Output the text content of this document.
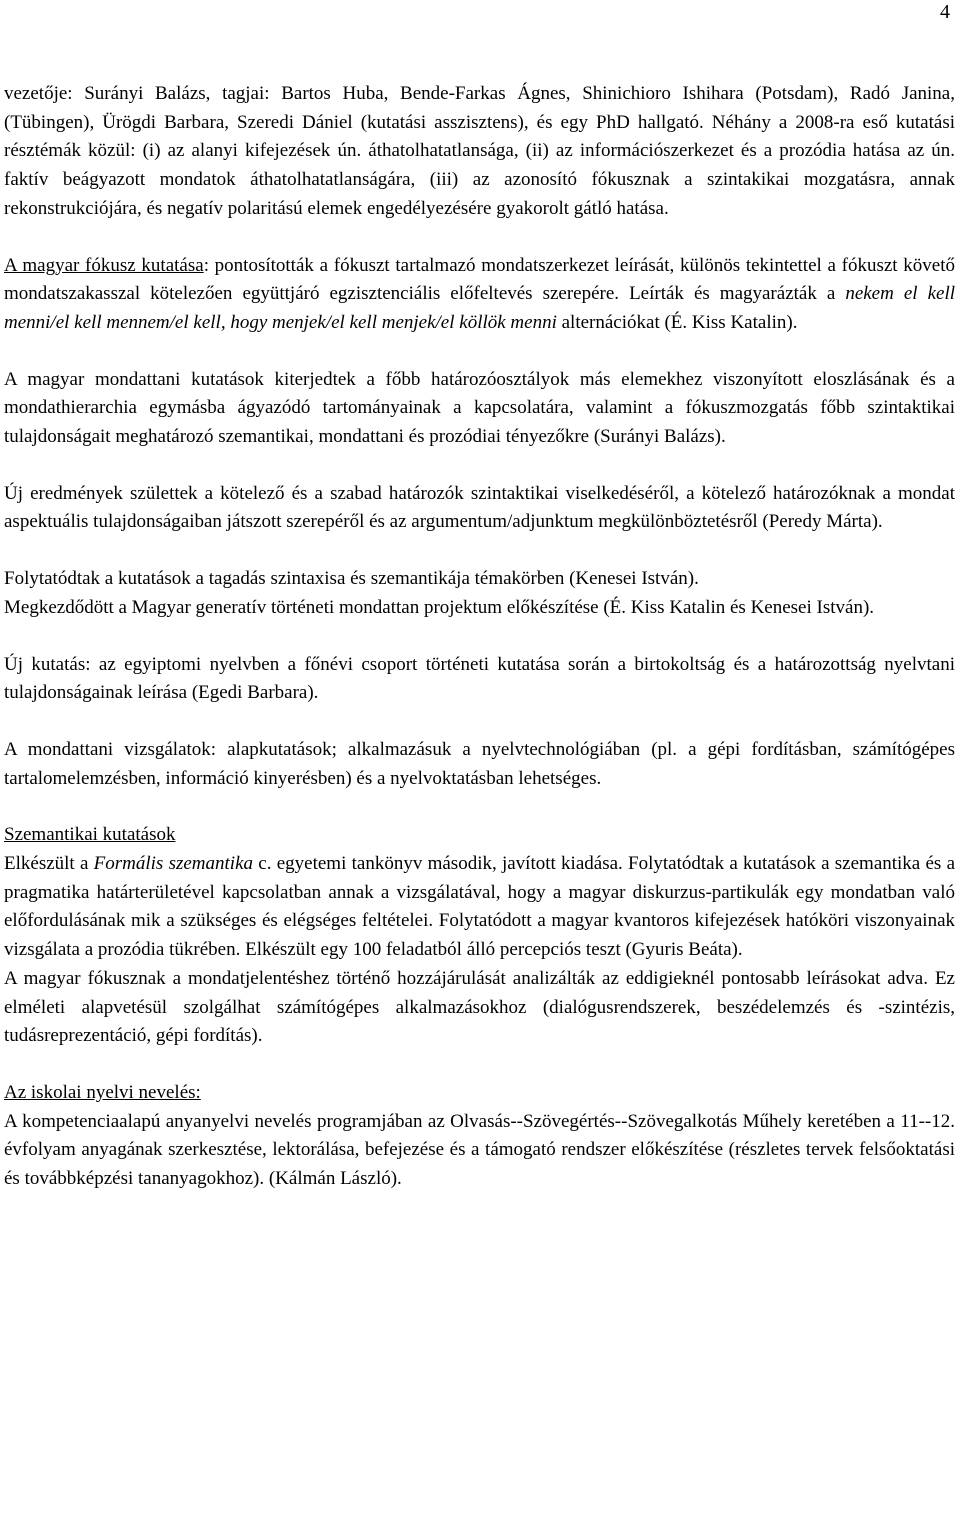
4

vezetője: Surányi Balázs, tagjai: Bartos Huba, Bende-Farkas Ágnes, Shinichioro Ishihara (Potsdam), Radó Janina, (Tübingen), Ürögdi Barbara, Szeredi Dániel (kutatási asszisztens), és egy PhD hallgató. Néhány a 2008-ra eső kutatási résztémák közül: (i) az alanyi kifejezések ún. áthatolhatatlansága, (ii) az információszerkezet és a prozódia hatása az ún. faktív beágyazott mondatok áthatolhatatlanságára, (iii) az azonosító fókusznak a szintakikai mozgatásra, annak rekonstrukciójára, és negatív polaritású elemek engedélyezésére gyakorolt gátló hatása.

A magyar fókusz kutatása: pontosították a fókuszt tartalmazó mondatszerkezet leírását, különös tekintettel a fókuszt követő mondatszakasszal kötelezően együttjáró egzisztenciális előfeltevés szerepére. Leírták és magyarázták a nekem el kell menni/el kell mennem/el kell, hogy menjek/el kell menjek/el köllök menni alternációkat (É. Kiss Katalin).

A magyar mondattani kutatások kiterjedtek a főbb határozóosztályok más elemekhez viszonyított eloszlásának és a mondathierarchia egymásba ágyazódó tartományainak a kapcsolatára, valamint a fókuszmozgatás főbb szintaktikai tulajdonságait meghatározó szemantikai, mondattani és prozódiai tényezőkre (Surányi Balázs).

Új eredmények születtek a kötelező és a szabad határozók szintaktikai viselkedéséről, a kötelező határozóknak a mondat aspektuális tulajdonságaiban játszott szerepéről és az argumentum/adjunktum megkülönböztetésről (Peredy Márta).

Folytatódtak a kutatások a tagadás szintaxisa és szemantikája témakörben (Kenesei István).

Megkezdődött a Magyar generatív történeti mondattan projektum előkészítése (É. Kiss Katalin és Kenesei István).

Új kutatás: az egyiptomi nyelvben a főnévi csoport történeti kutatása során a birtokoltság és a határozottság nyelvtani tulajdonságainak leírása (Egedi Barbara).

A mondattani vizsgálatok: alapkutatások; alkalmazásuk a nyelvtechnológiában (pl. a gépi fordításban, számítógépes tartalomelemzésben, információ kinyerésben) és a nyelvoktatásban lehetséges.

Szemantikai kutatások

Elkészült a Formális szemantika c. egyetemi tankönyv második, javított kiadása. Folytatódtak a kutatások a szemantika és a pragmatika határterületével kapcsolatban annak a vizsgálatával, hogy a magyar diskurzus-partikulák egy mondatban való előfordulásának mik a szükséges és elégséges feltételei. Folytatódott a magyar kvantoros kifejezések hatóköri viszonyainak vizsgálata a prozódia tükrében. Elkészült egy 100 feladatból álló percepciós teszt (Gyuris Beáta).

A magyar fókusznak a mondatjelentéshez történő hozzájárulását analizálták az eddigieknél pontosabb leírásokat adva. Ez elméleti alapvetésül szolgálhat számítógépes alkalmazásokhoz (dialógusrendszerek, beszédelemzés és -szintézis, tudásreprezentáció, gépi fordítás).

Az iskolai nyelvi nevelés:

A kompetenciaalapú anyanyelvi nevelés programjában az Olvasás--Szövegértés--Szövegalkotás Műhely keretében a 11--12. évfolyam anyagának szerkesztése, lektorálása, befejezése és a támogató rendszer előkészítése (részletes tervek felsőoktatási és továbbképzési tananyagokhoz). (Kálmán László).
